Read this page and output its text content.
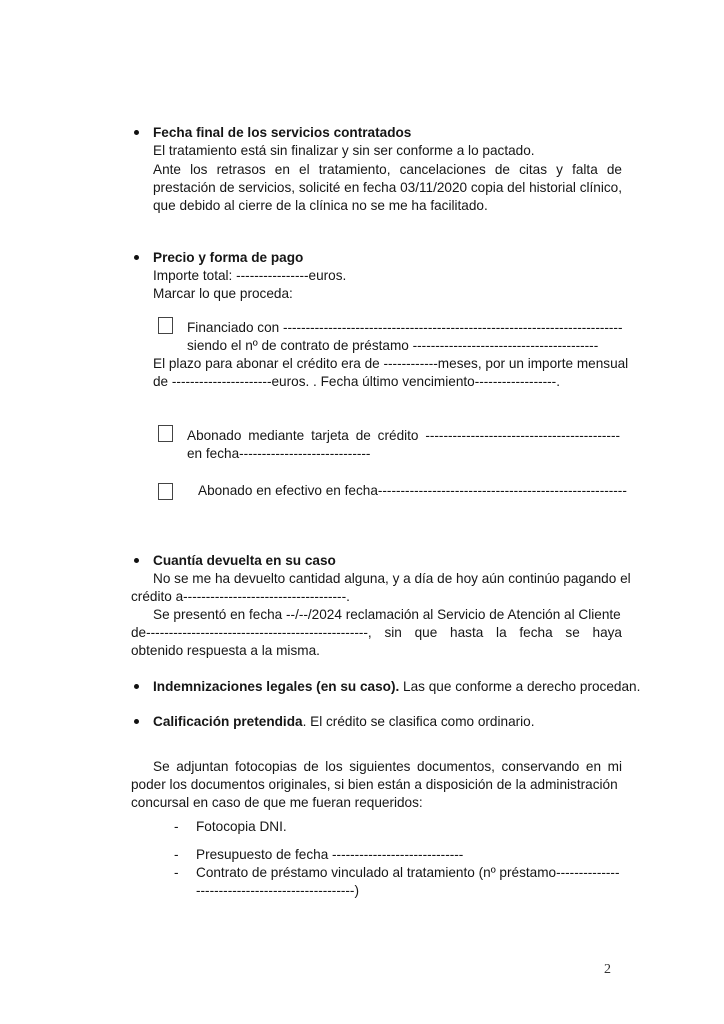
Fecha final de los servicios contratados
El tratamiento está sin finalizar y sin ser conforme a lo pactado.
Ante los retrasos en el tratamiento, cancelaciones de citas y falta de
prestación de servicios, solicité en fecha 03/11/2020 copia del historial clínico,
que debido al cierre de la clínica no se me ha facilitado.
Precio y forma de pago
Importe total: ----------------euros.
Marcar lo que proceda:
Financiado con ---------------------------------------------------------------------------
siendo el nº de contrato de préstamo -----------------------------------------
El plazo para abonar el crédito era de ------------meses, por un importe mensual
de ----------------------euros. . Fecha último vencimiento------------------.
Abonado mediante tarjeta de crédito -------------------------------------------
en fecha-----------------------------
Abonado en efectivo en fecha-------------------------------------------------------
Cuantía devuelta en su caso
No se me ha devuelto cantidad alguna, y a día de hoy aún continúo pagando el
crédito a------------------------------------.
Se presentó en fecha --/--/2024 reclamación al Servicio de Atención al Cliente
de-------------------------------------------------, sin que hasta la fecha se haya
obtenido respuesta a la misma.
Indemnizaciones legales (en su caso). Las que conforme a derecho procedan.
Calificación pretendida. El crédito se clasifica como ordinario.
Se adjuntan fotocopias de los siguientes documentos, conservando en mi
poder los documentos originales, si bien están a disposición de la administración
concursal en caso de que me fueran requeridos:
- Fotocopia DNI.
- Presupuesto de fecha -----------------------------
- Contrato de préstamo vinculado al tratamiento (nº préstamo--------------
-----------------------------------)
2
